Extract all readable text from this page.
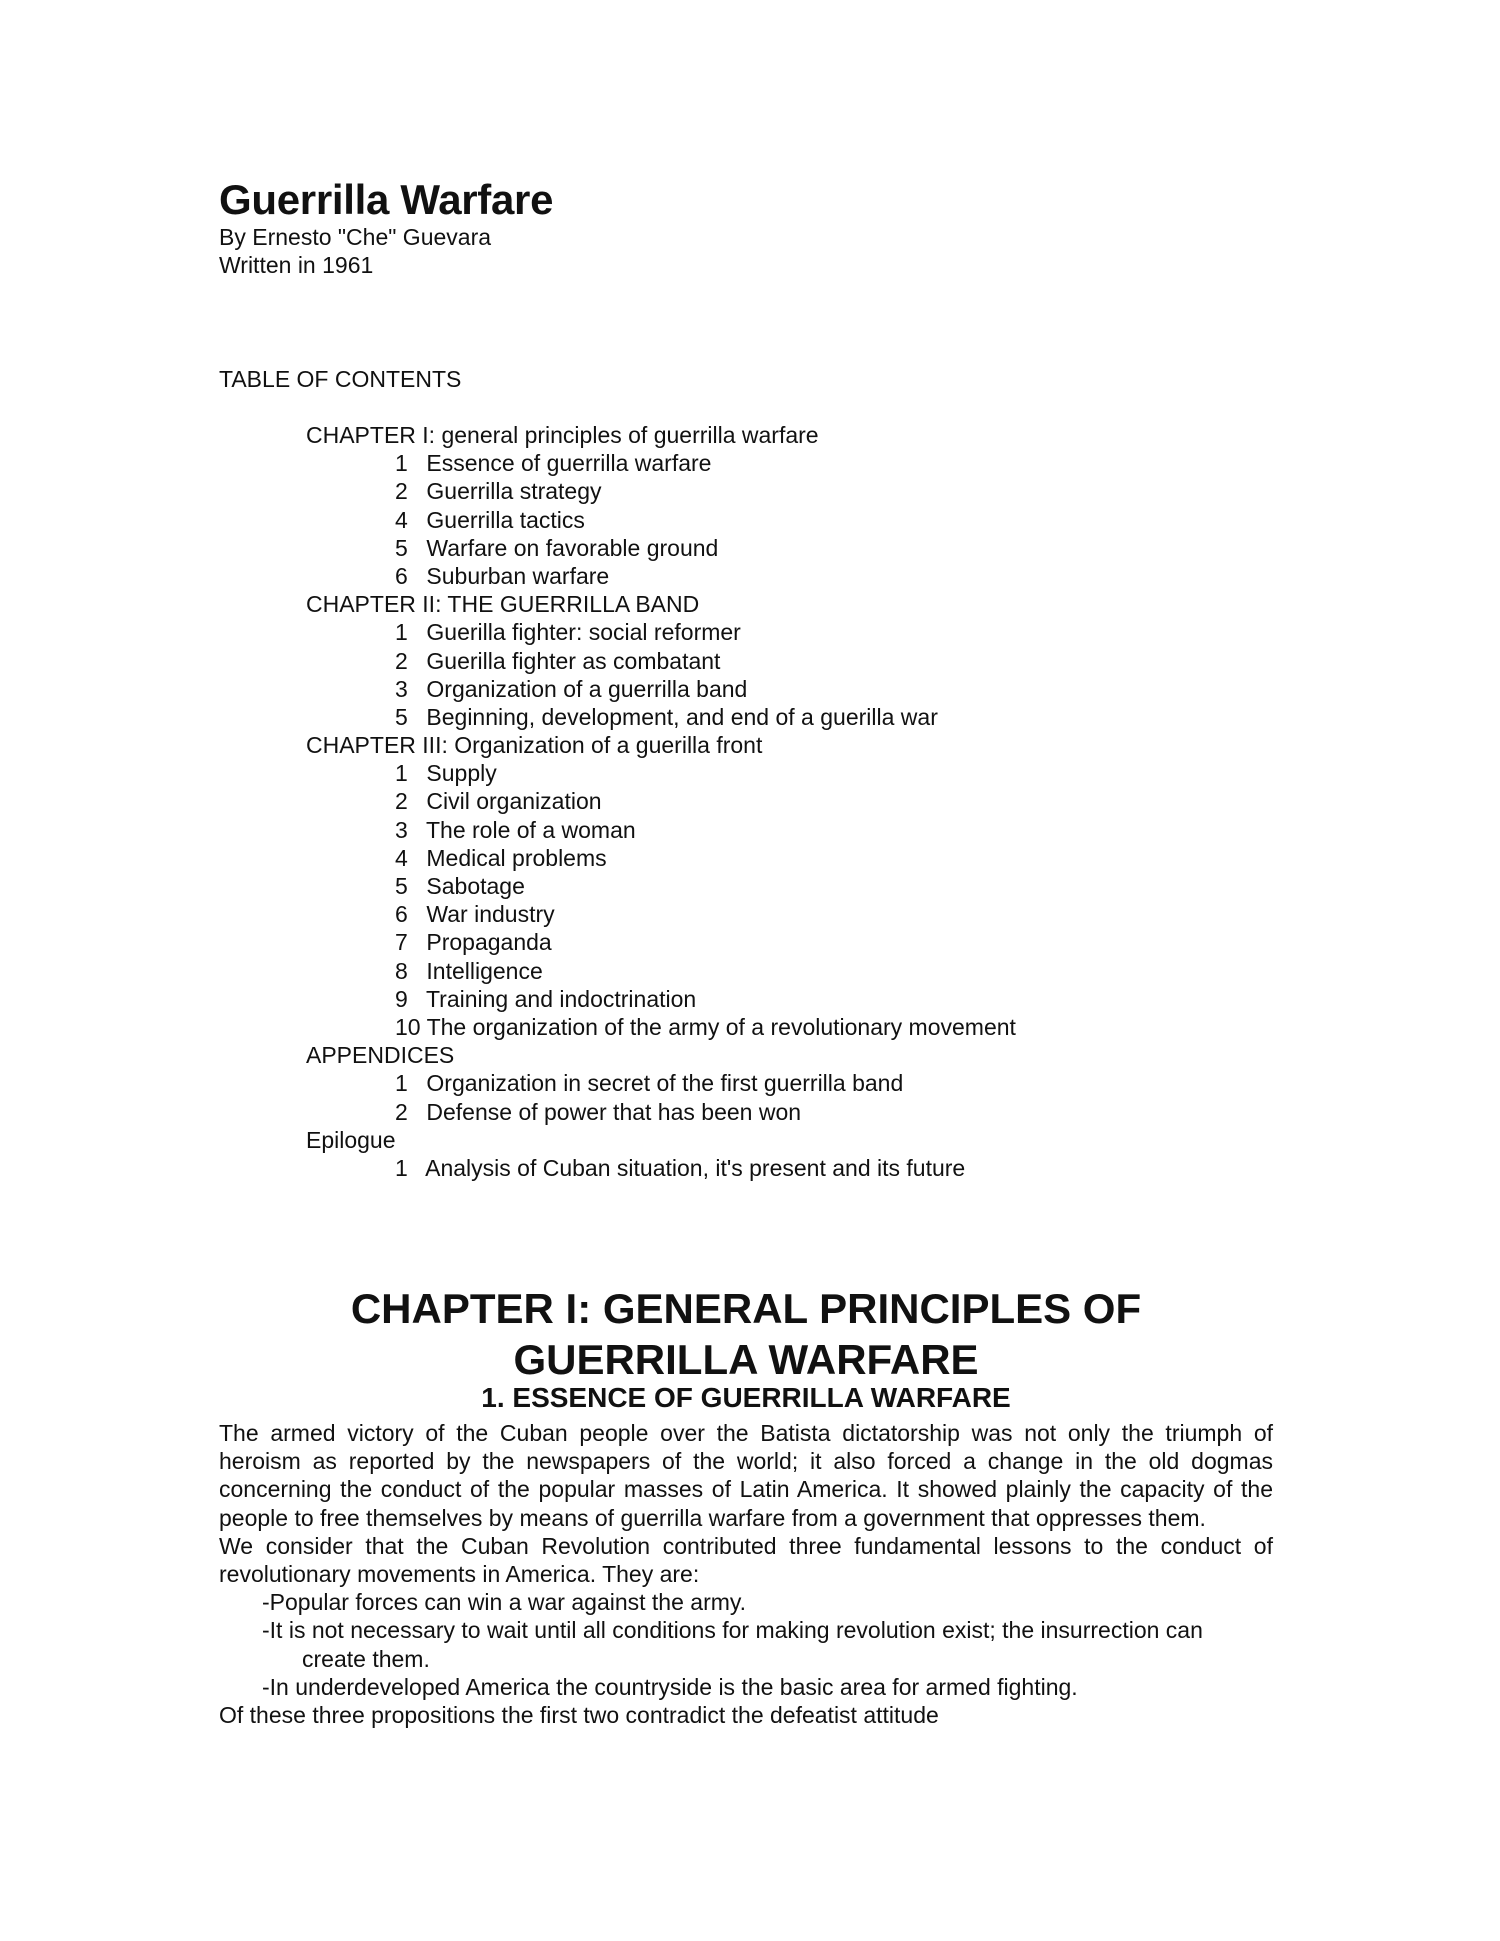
Guerrilla Warfare
By Ernesto "Che" Guevara
Written in 1961
TABLE OF CONTENTS
CHAPTER I: general principles of guerrilla warfare
1 Essence of guerrilla warfare
2 Guerrilla strategy
4 Guerrilla tactics
5 Warfare on favorable ground
6 Suburban warfare
CHAPTER II: THE GUERRILLA BAND
1 Guerilla fighter: social reformer
2 Guerilla fighter as combatant
3 Organization of a guerrilla band
5 Beginning, development, and end of a guerilla war
CHAPTER III: Organization of a guerilla front
1 Supply
2 Civil organization
3 The role of a woman
4 Medical problems
5 Sabotage
6 War industry
7 Propaganda
8 Intelligence
9 Training and indoctrination
10 The organization of the army of a revolutionary movement
APPENDICES
1 Organization in secret of the first guerrilla band
2 Defense of power that has been won
Epilogue
1 Analysis of Cuban situation, it's present and its future
CHAPTER I: GENERAL PRINCIPLES OF
GUERRILLA WARFARE
1. ESSENCE OF GUERRILLA WARFARE
The armed victory of the Cuban people over the Batista dictatorship was not only the triumph of heroism as reported by the newspapers of the world; it also forced a change in the old dogmas concerning the conduct of the popular masses of Latin America. It showed plainly the capacity of the people to free themselves by means of guerrilla warfare from a government that oppresses them.
We consider that the Cuban Revolution contributed three fundamental lessons to the conduct of revolutionary movements in America. They are:
-Popular forces can win a war against the army.
-It is not necessary to wait until all conditions for making revolution exist; the insurrection can create them.
-In underdeveloped America the countryside is the basic area for armed fighting.
Of these three propositions the first two contradict the defeatist attitude
